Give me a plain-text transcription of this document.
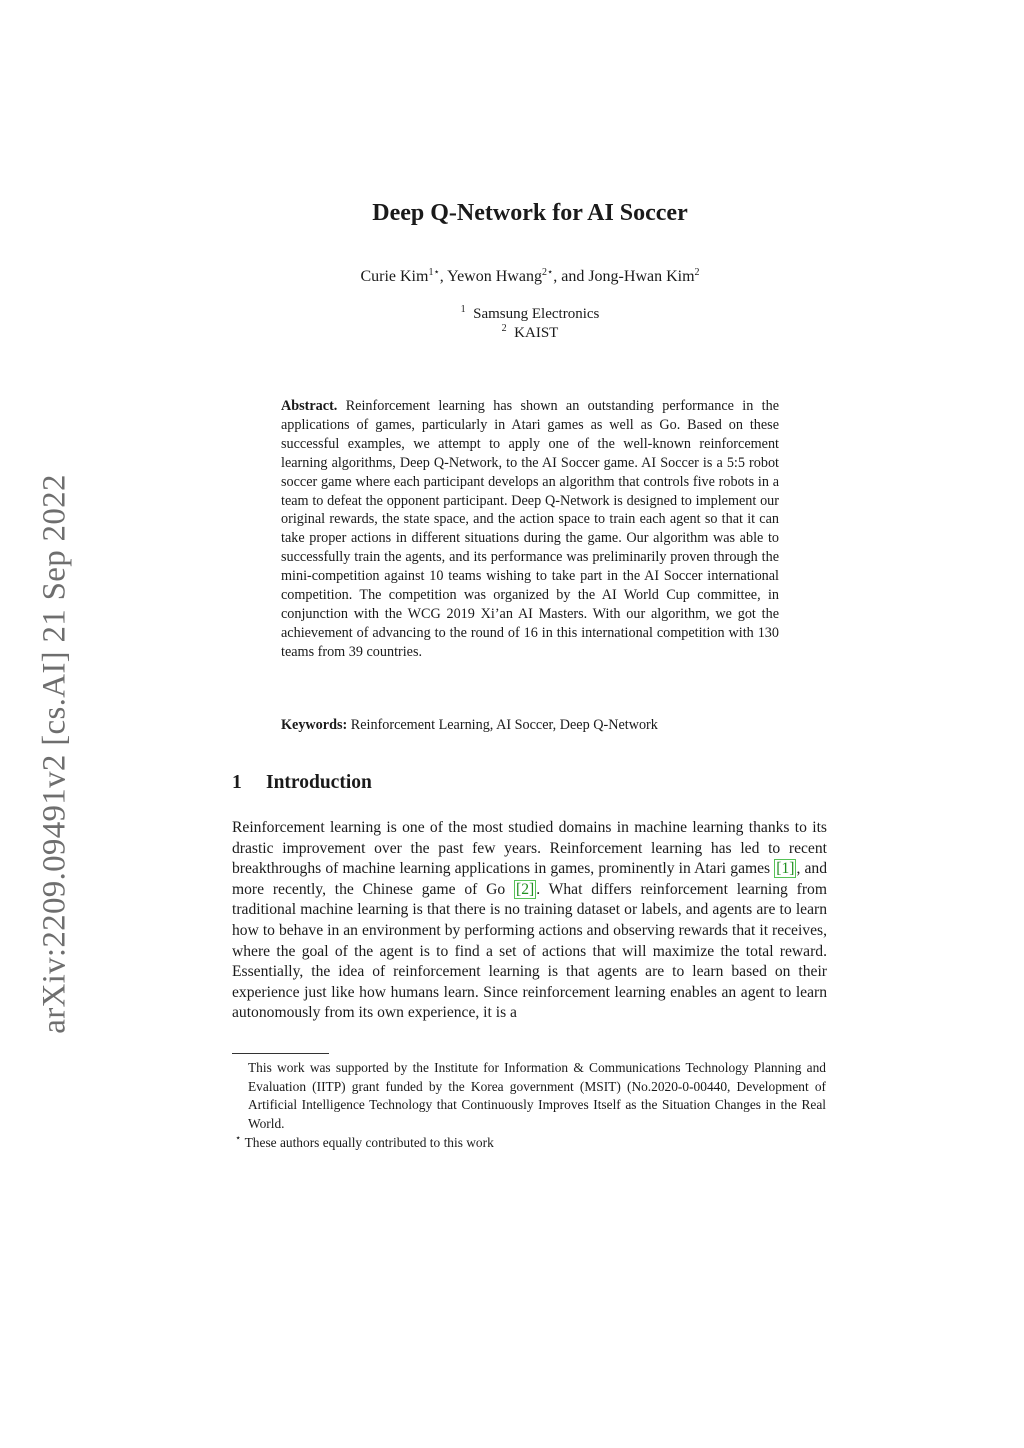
arXiv:2209.09491v2 [cs.AI] 21 Sep 2022
Deep Q-Network for AI Soccer
Curie Kim$^{1⋆}$, Yewon Hwang$^{2⋆}$, and Jong-Hwan Kim$^2$
$^1$ Samsung Electronics
$^2$ KAIST

Abstract. Reinforcement learning has shown an outstanding performance in the applications of games, particularly in Atari games as well as Go. Based on these successful examples, we attempt to apply one of the well-known reinforcement learning algorithms, Deep Q-Network, to the AI Soccer game. AI Soccer is a 5:5 robot soccer game where each participant develops an algorithm that controls five robots in a team to defeat the opponent participant. Deep Q-Network is designed to implement our original rewards, the state space, and the action space to train each agent so that it can take proper actions in different situations during the game. Our algorithm was able to successfully train the agents, and its performance was preliminarily proven through the mini-competition against 10 teams wishing to take part in the AI Soccer international competition. The competition was organized by the AI World Cup committee, in conjunction with the WCG 2019 Xi’an AI Masters. With our algorithm, we got the achievement of advancing to the round of 16 in this international competition with 130 teams from 39 countries.

Keywords: Reinforcement Learning, AI Soccer, Deep Q-Network

1 Introduction

Reinforcement learning is one of the most studied domains in machine learning thanks to its drastic improvement over the past few years. Reinforcement learning has led to recent breakthroughs of machine learning applications in games, prominently in Atari games [1] , and more recently, the Chinese game of Go [2] . What differs reinforcement learning from traditional machine learning is that there is no training dataset or labels, and agents are to learn how to behave in an environment by performing actions and observing rewards that it receives, where the goal of the agent is to find a set of actions that will maximize the total reward. Essentially, the idea of reinforcement learning is that agents are to learn based on their experience just like how humans learn. Since reinforcement learning enables an agent to learn autonomously from its own experience, it is a

This work was supported by the Institute for Information & Communications Technology Planning and Evaluation (IITP) grant funded by the Korea government (MSIT) (No.2020-0-00440, Development of Artificial Intelligence Technology that Continuously Improves Itself as the Situation Changes in the Real World.

⋆ These authors equally contributed to this work
